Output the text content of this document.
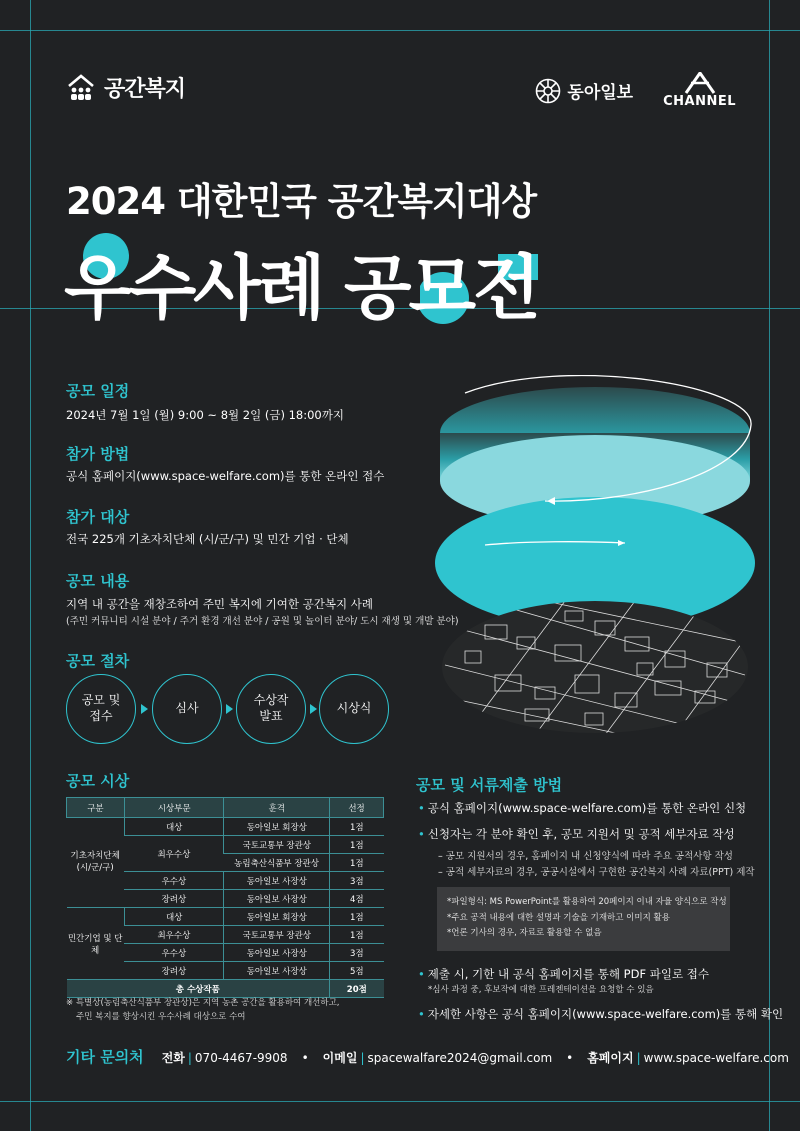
공간복지	동아일보 CHANNEL
2024 대한민국 공간복지대상
우수사례 공모전
공모 일정
2024년 7월 1일 (월) 9:00 ~ 8월 2일 (금) 18:00까지
참가 방법
공식 홈페이지(www.space-welfare.com)를 통한 온라인 접수
참가 대상
전국 225개 기초자치단체 (시/군/구) 및 민간 기업 · 단체
공모 내용
지역 내 공간을 재창조하여 주민 복지에 기여한 공간복지 사례
(주민 커뮤니티 시설 분야 / 주거 환경 개선 분야 / 공원 및 놀이터 분야/ 도시 재생 및 개발 분야)
공모 절차
공모 및
접수
심사
수상작
발표
시상식
공모 시상
구분	시상부문	훈격	선정
기초자치단체
(시/군/구)	대상	동아일보 회장상	1점
	최우수상	국토교통부 장관상	1점
		농림축산식품부 장관상	1점
	우수상	동아일보 사장상	3점
	장려상	동아일보 사장상	4점
민간기업 및 단체	대상	동아일보 회장상	1점
	최우수상	국토교통부 장관상	1점
	우수상	동아일보 사장상	3점
	장려상	동아일보 사장상	5점
총 수상작품			20점
※ 특별상(농림축산식품부 장관상)은 지역 농촌 공간을 활용하여 개선하고,
주민 복지를 향상시킨 우수사례 대상으로 수여
공모 및 서류제출 방법
• 공식 홈페이지(www.space-welfare.com)를 통한 온라인 신청
• 신청자는 각 분야 확인 후, 공모 지원서 및 공적 세부자료 작성
– 공모 지원서의 경우, 홈페이지 내 신청양식에 따라 주요 공적사항 작성
– 공적 세부자료의 경우, 공공시설에서 구현한 공간복지 사례 자료(PPT) 제작
*파일형식: MS PowerPoint를 활용하여 20페이지 이내 자율 양식으로 작성
*주요 공적 내용에 대한 설명과 기술을 기재하고 이미지 활용
*언론 기사의 경우, 자료로 활용할 수 없음
• 제출 시, 기한 내 공식 홈페이지를 통해 PDF 파일로 접수
*심사 과정 중, 후보작에 대한 프레젠테이션을 요청할 수 있음
• 자세한 사항은 공식 홈페이지(www.space-welfare.com)를 통해 확인
기타 문의처 전화 | 070-4467-9908 • 이메일 | spacewalfare2024@gmail.com • 홈페이지 | www.space-welfare.com
